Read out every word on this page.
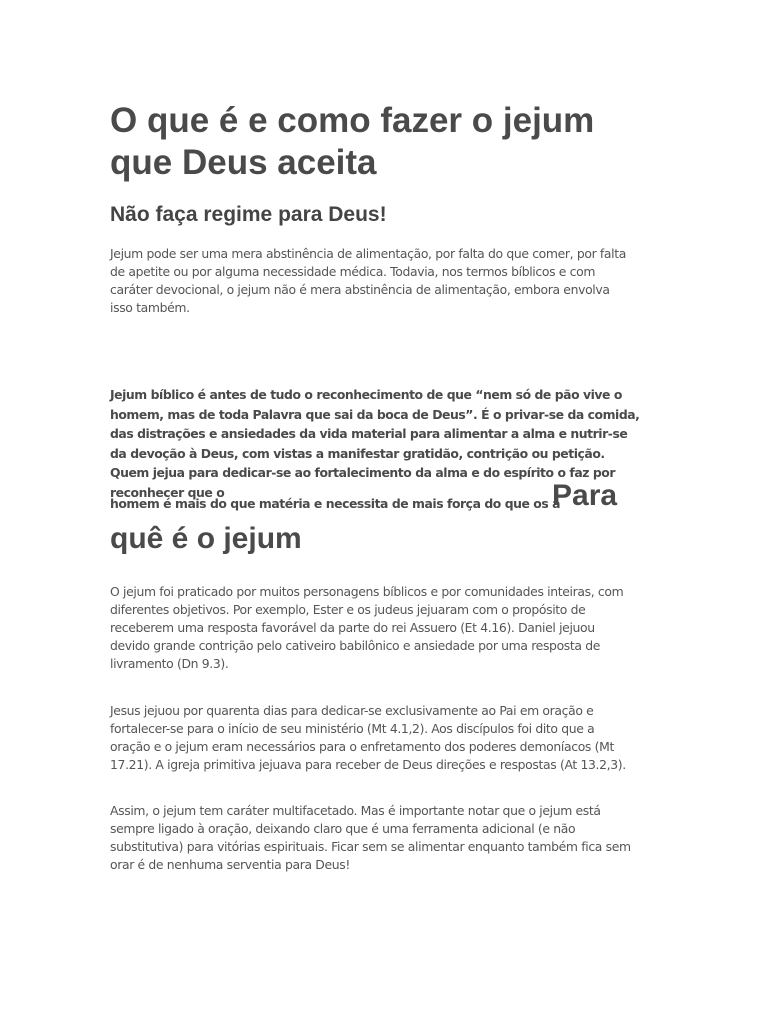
O que é e como fazer o jejum que Deus aceita
Não faça regime para Deus!

Jejum pode ser uma mera abstinência de alimentação, por falta do que comer, por falta de apetite ou por alguma necessidade médica. Todavia, nos termos bíblicos e com caráter devocional, o jejum não é mera abstinência de alimentação, embora envolva isso também.

Jejum bíblico é antes de tudo o reconhecimento de que “nem só de pão vive o homem, mas de toda Palavra que sai da boca de Deus”. É o privar-se da comida, das distrações e ansiedades da vida material para alimentar a alma e nutrir-se da devoção à Deus, com vistas a manifestar gratidão, contrição ou petição. Quem jejua para dedicar-se ao fortalecimento da alma e do espírito o faz por reconhecer que o

homem é mais do que matéria e necessita de mais força do que os a

Para
quê é o jejum

O jejum foi praticado por muitos personagens bíblicos e por comunidades inteiras, com diferentes objetivos. Por exemplo, Ester e os judeus jejuaram com o propósito de receberem uma resposta favorável da parte do rei Assuero (Et 4.16). Daniel jejuou devido grande contrição pelo cativeiro babilônico e ansiedade por uma resposta de livramento (Dn 9.3).

Jesus jejuou por quarenta dias para dedicar-se exclusivamente ao Pai em oração e fortalecer-se para o início de seu ministério (Mt 4.1,2). Aos discípulos foi dito que a oração e o jejum eram necessários para o enfretamento dos poderes demoníacos (Mt 17.21). A igreja primitiva jejuava para receber de Deus direções e respostas (At 13.2,3).

Assim, o jejum tem caráter multifacetado. Mas é importante notar que o jejum está sempre ligado à oração, deixando claro que é uma ferramenta adicional (e não substitutiva) para vitórias espirituais. Ficar sem se alimentar enquanto também fica sem orar é de nenhuma serventia para Deus!
